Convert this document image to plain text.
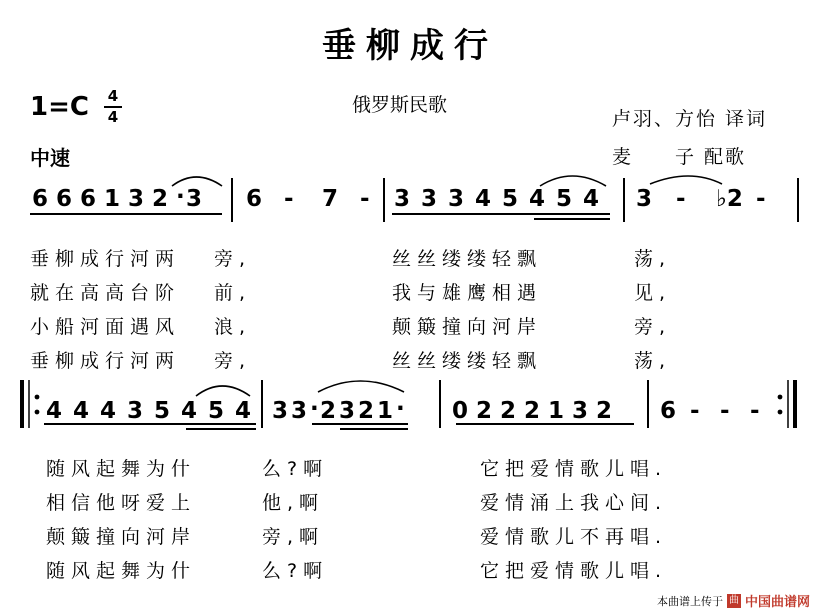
垂柳成行
1=C 4
4
俄罗斯民歌
卢羽、方怡 译词
麦　　子 配歌
中速
6 6 6 1 3 2 · 3 6 - 7 - 3 3 3 4 5 4 5 4 3 - ♭2 -
垂柳成行河两 旁,	丝丝缕缕轻飘	荡,
就在高高台阶 前,	我与雄鹰相遇	见,
小船河面遇风 浪,	颠簸撞向河岸	旁,
垂柳成行河两 旁,	丝丝缕缕轻飘	荡,
4 4 4 3 5 4 5 4 3 3 · 2 3 2 1 · 0 2 2 2 1 3 2 6 - - -
随风起舞为什	么?啊	它把爱情歌儿 唱.
相信他呀爱上	他,啊	爱情涌上我心 间.
颠簸撞向河岸	旁,啊	爱情歌儿不再 唱.
随风起舞为什	么?啊	它把爱情歌儿 唱.
本曲谱上传于 曲 中国曲谱网
